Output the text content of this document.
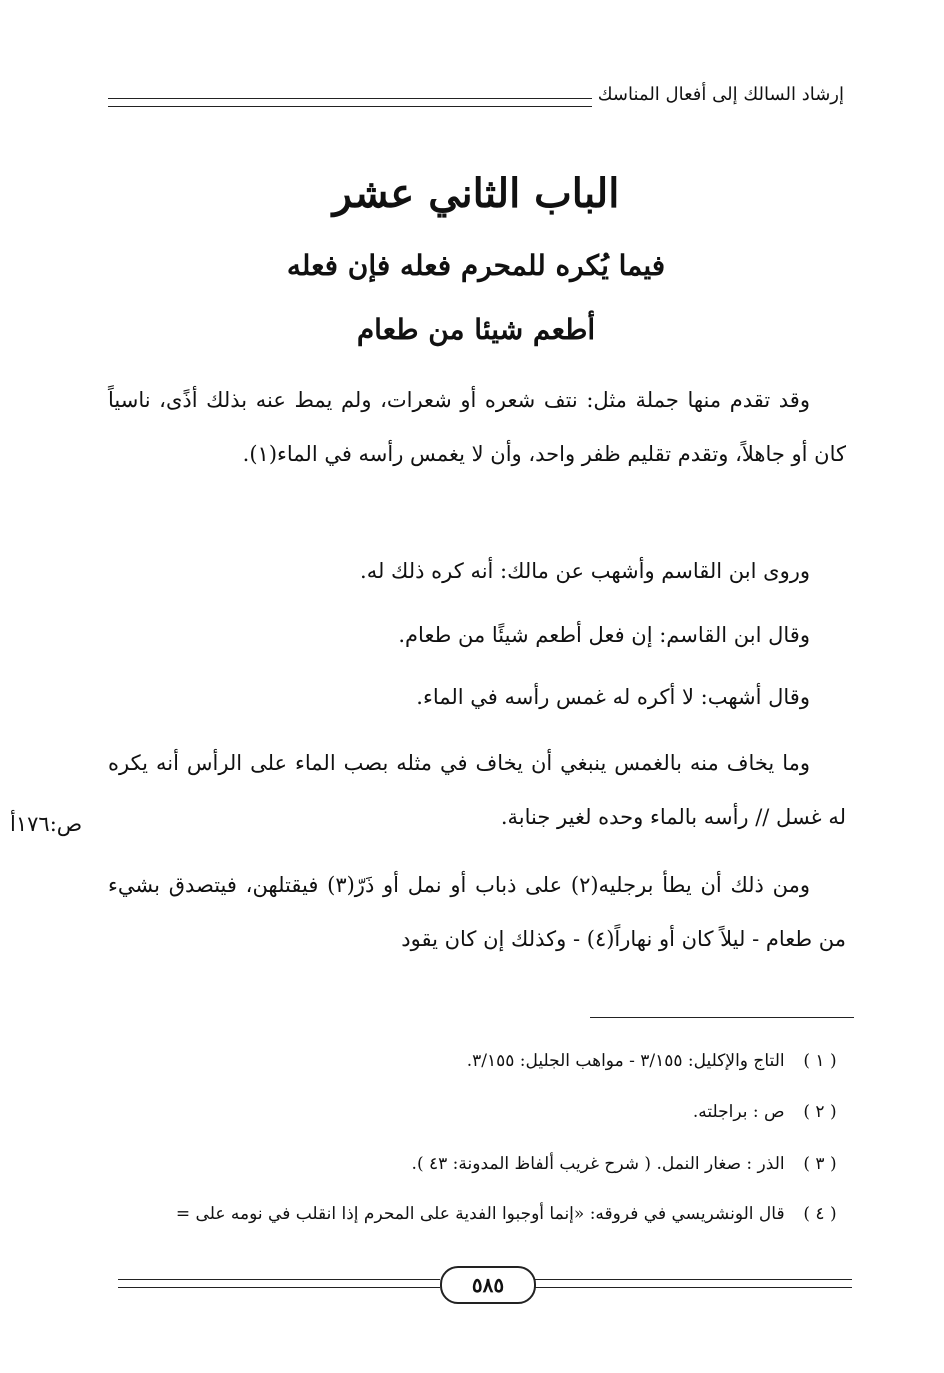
إرشاد السالك إلى أفعال المناسك
الباب الثاني عشر
فيما يُكره للمحرم فعله فإن فعله
أطعم شيئا من طعام
وقد تقدم منها جملة مثل: نتف شعره أو شعرات، ولم يمط عنه بذلك أذًى، ناسياً كان أو جاهلاً، وتقدم تقليم ظفر واحد، وأن لا يغمس رأسه في الماء(١).
وروى ابن القاسم وأشهب عن مالك: أنه كره ذلك له.
وقال ابن القاسم: إن فعل أطعم شيئًا من طعام.
وقال أشهب: لا أكره له غمس رأسه في الماء.
وما يخاف منه بالغمس ينبغي أن يخاف في مثله بصب الماء على الرأس أنه يكره له غسل // رأسه بالماء وحده لغير جنابة.
ومن ذلك أن يطأ برجليه(٢) على ذباب أو نمل أو ذَرّ(٣) فيقتلهن، فيتصدق بشيء من طعام - ليلاً كان أو نهاراً(٤) - وكذلك إن كان يقود
ص:١٧٦أ
( ١ ) التاج والإكليل: ٣/١٥٥ - مواهب الجليل: ٣/١٥٥.
( ٢ ) ص : براجلته.
( ٣ ) الذر : صغار النمل. ( شرح غريب ألفاظ المدونة: ٤٣ ).
( ٤ ) قال الونشريسي في فروقه: «إنما أوجبوا الفدية على المحرم إذا انقلب في نومه على =
٥٨٥
